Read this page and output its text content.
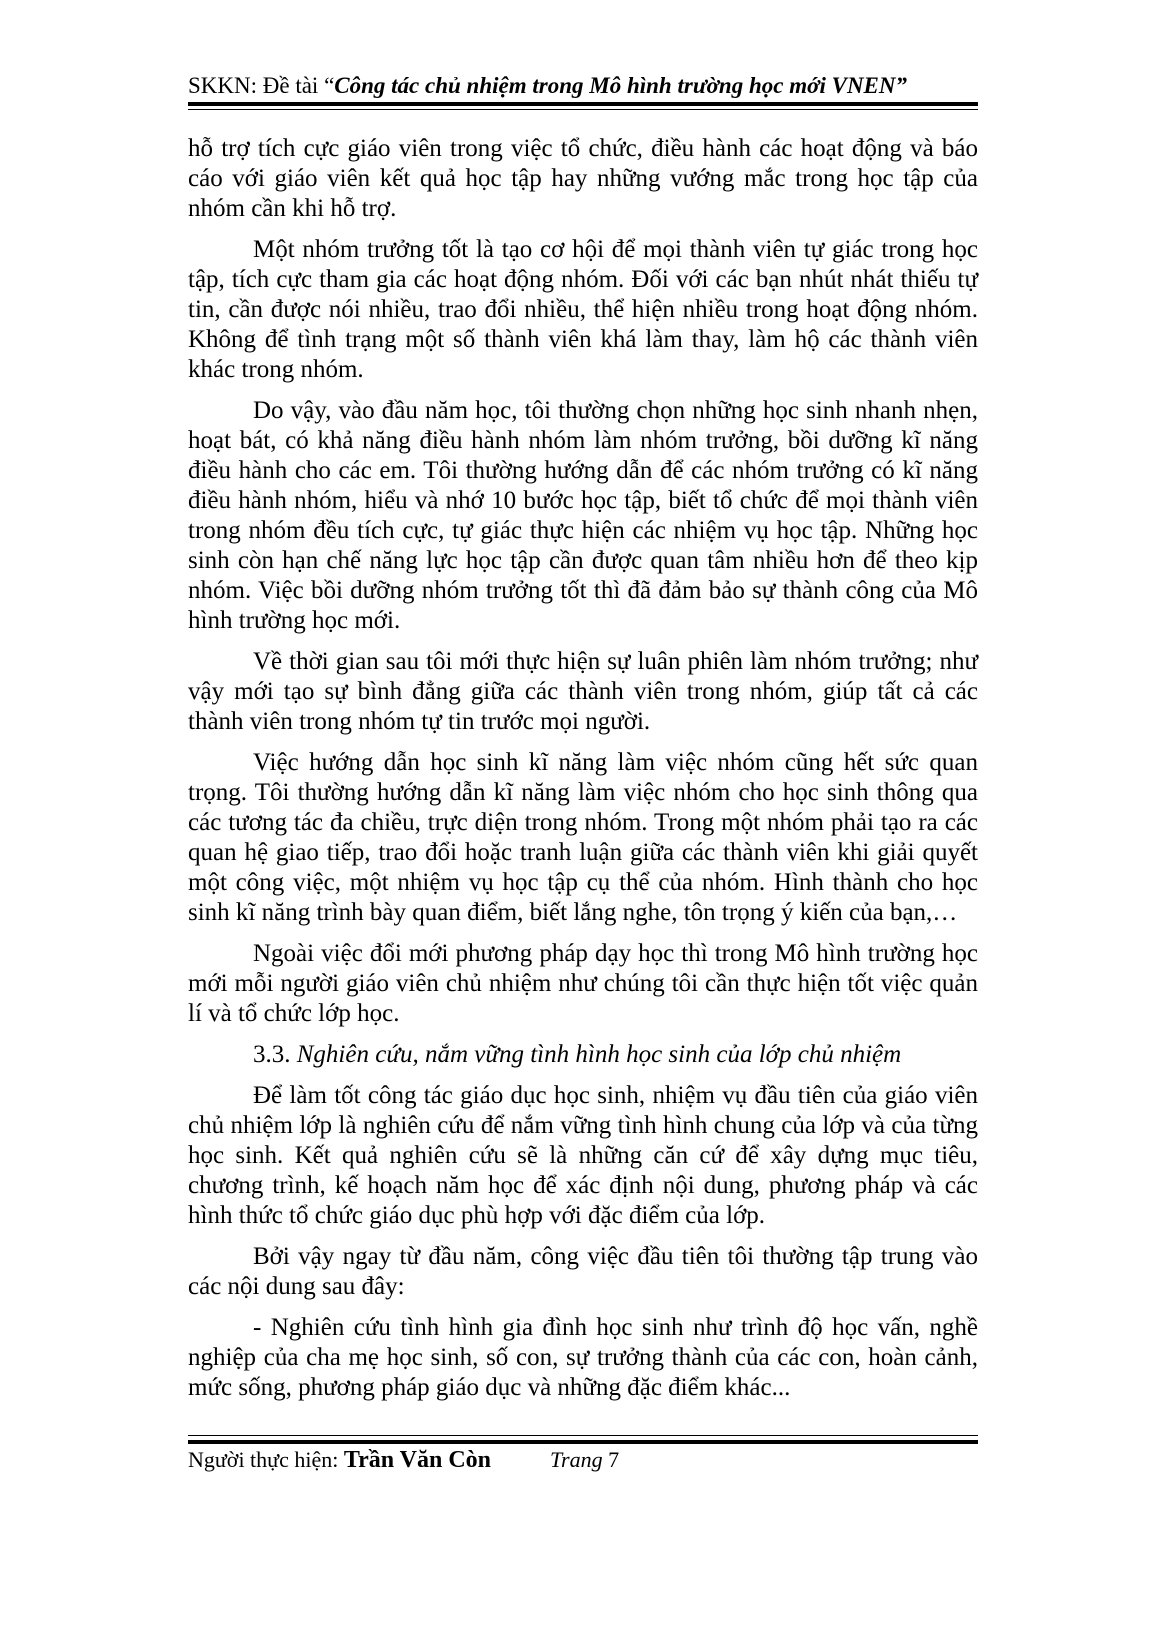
SKKN: Đề tài “Công tác chủ nhiệm trong Mô hình trường học mới VNEN”

hỗ trợ tích cực giáo viên trong việc tổ chức, điều hành các hoạt động và báo cáo với giáo viên kết quả học tập hay những vướng mắc trong học tập của nhóm cần khi hỗ trợ.

Một nhóm trưởng tốt là tạo cơ hội để mọi thành viên tự giác trong học tập, tích cực tham gia các hoạt động nhóm. Đối với các bạn nhút nhát thiếu tự tin, cần được nói nhiều, trao đổi nhiều, thể hiện nhiều trong hoạt động nhóm. Không để tình trạng một số thành viên khá làm thay, làm hộ các thành viên khác trong nhóm.

Do vậy, vào đầu năm học, tôi thường chọn những học sinh nhanh nhẹn, hoạt bát, có khả năng điều hành nhóm làm nhóm trưởng, bồi dưỡng kĩ năng điều hành cho các em. Tôi thường hướng dẫn để các nhóm trưởng có kĩ năng điều hành nhóm, hiểu và nhớ 10 bước học tập, biết tổ chức để mọi thành viên trong nhóm đều tích cực, tự giác thực hiện các nhiệm vụ học tập. Những học sinh còn hạn chế năng lực học tập cần được quan tâm nhiều hơn để theo kịp nhóm. Việc bồi dưỡng nhóm trưởng tốt thì đã đảm bảo sự thành công của Mô hình trường học mới.

Về thời gian sau tôi mới thực hiện sự luân phiên làm nhóm trưởng; như vậy mới tạo sự bình đẳng giữa các thành viên trong nhóm, giúp tất cả các thành viên trong nhóm tự tin trước mọi người.

Việc hướng dẫn học sinh kĩ năng làm việc nhóm cũng hết sức quan trọng. Tôi thường hướng dẫn kĩ năng làm việc nhóm cho học sinh thông qua các tương tác đa chiều, trực diện trong nhóm. Trong một nhóm phải tạo ra các quan hệ giao tiếp, trao đổi hoặc tranh luận giữa các thành viên khi giải quyết một công việc, một nhiệm vụ học tập cụ thể của nhóm. Hình thành cho học sinh kĩ năng trình bày quan điểm, biết lắng nghe, tôn trọng ý kiến của bạn,…

Ngoài việc đổi mới phương pháp dạy học thì trong Mô hình trường học mới mỗi người giáo viên chủ nhiệm như chúng tôi cần thực hiện tốt việc quản lí và tổ chức lớp học.

3.3. Nghiên cứu, nắm vững tình hình học sinh của lớp chủ nhiệm

Để làm tốt công tác giáo dục học sinh, nhiệm vụ đầu tiên của giáo viên chủ nhiệm lớp là nghiên cứu để nắm vững tình hình chung của lớp và của từng học sinh. Kết quả nghiên cứu sẽ là những căn cứ để xây dựng mục tiêu, chương trình, kế hoạch năm học để xác định nội dung, phương pháp và các hình thức tổ chức giáo dục phù hợp với đặc điểm của lớp.

Bởi vậy ngay từ đầu năm, công việc đầu tiên tôi thường tập trung vào các nội dung sau đây:

- Nghiên cứu tình hình gia đình học sinh như trình độ học vấn, nghề nghiệp của cha mẹ học sinh, số con, sự trưởng thành của các con, hoàn cảnh, mức sống, phương pháp giáo dục và những đặc điểm khác...

Người thực hiện: Trần Văn Còn	Trang 7
